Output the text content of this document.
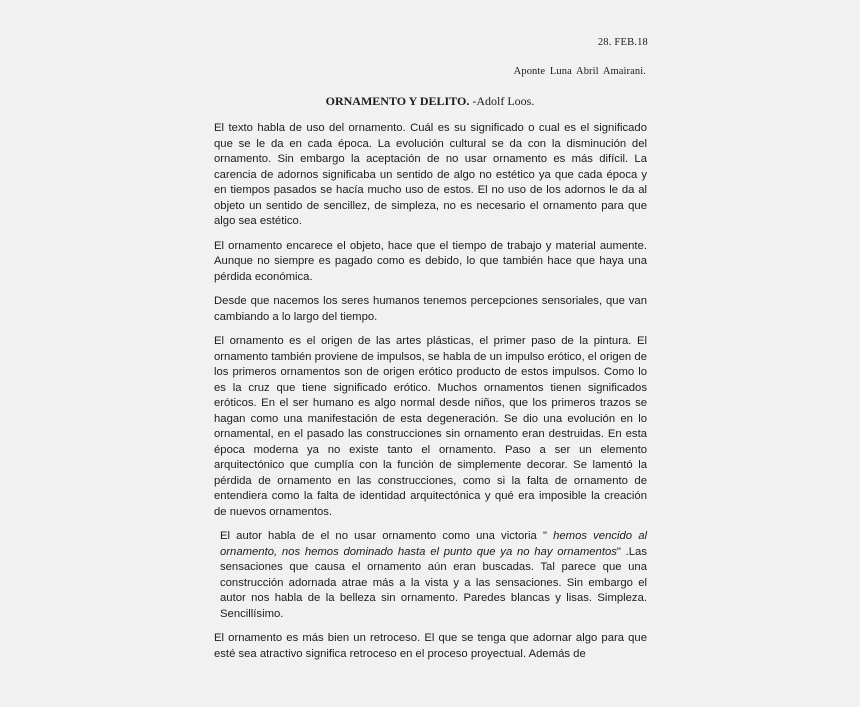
28. FEB.18
Aponte Luna Abril Amairani.
ORNAMENTO Y DELITO. -Adolf Loos.

El texto habla de uso del ornamento. Cuál es su significado o cual es el significado que se le da en cada época. La evolución cultural se da con la disminución del ornamento. Sin embargo la aceptación de no usar ornamento es más difícil. La carencia de adornos significaba un sentido de algo no estético ya que cada época y en tiempos pasados se hacía mucho uso de estos. El no uso de los adornos le da al objeto un sentido de sencillez, de simpleza, no es necesario el ornamento para que algo sea estético.

El ornamento encarece el objeto, hace que el tiempo de trabajo y material aumente. Aunque no siempre es pagado como es debido, lo que también hace que haya una pérdida económica.

Desde que nacemos los seres humanos tenemos percepciones sensoriales, que van cambiando a lo largo del tiempo.

El ornamento es el origen de las artes plásticas, el primer paso de la pintura. El ornamento también proviene de impulsos, se habla de un impulso erótico, el origen de los primeros ornamentos son de origen erótico producto de estos impulsos. Como lo es la cruz que tiene significado erótico. Muchos ornamentos tienen significados eróticos. En el ser humano es algo normal desde niños, que los primeros trazos se hagan como una manifestación de esta degeneración. Se dio una evolución en lo ornamental, en el pasado las construcciones sin ornamento eran destruidas. En esta época moderna ya no existe tanto el ornamento. Paso a ser un elemento arquitectónico que cumplía con la función de simplemente decorar. Se lamentó la pérdida de ornamento en las construcciones, como si la falta de ornamento de entendiera como la falta de identidad arquitectónica y qué era imposible la creación de nuevos ornamentos.

El autor habla de el no usar ornamento como una victoria " hemos vencido al ornamento, nos hemos dominado hasta el punto que ya no hay ornamentos" .Las sensaciones que causa el ornamento aún eran buscadas. Tal parece que una construcción adornada atrae más a la vista y a las sensaciones. Sin embargo el autor nos habla de la belleza sin ornamento. Paredes blancas y lisas. Simpleza. Sencillísimo.

El ornamento es más bien un retroceso. El que se tenga que adornar algo para que esté sea atractivo significa retroceso en el proceso proyectual. Además de
